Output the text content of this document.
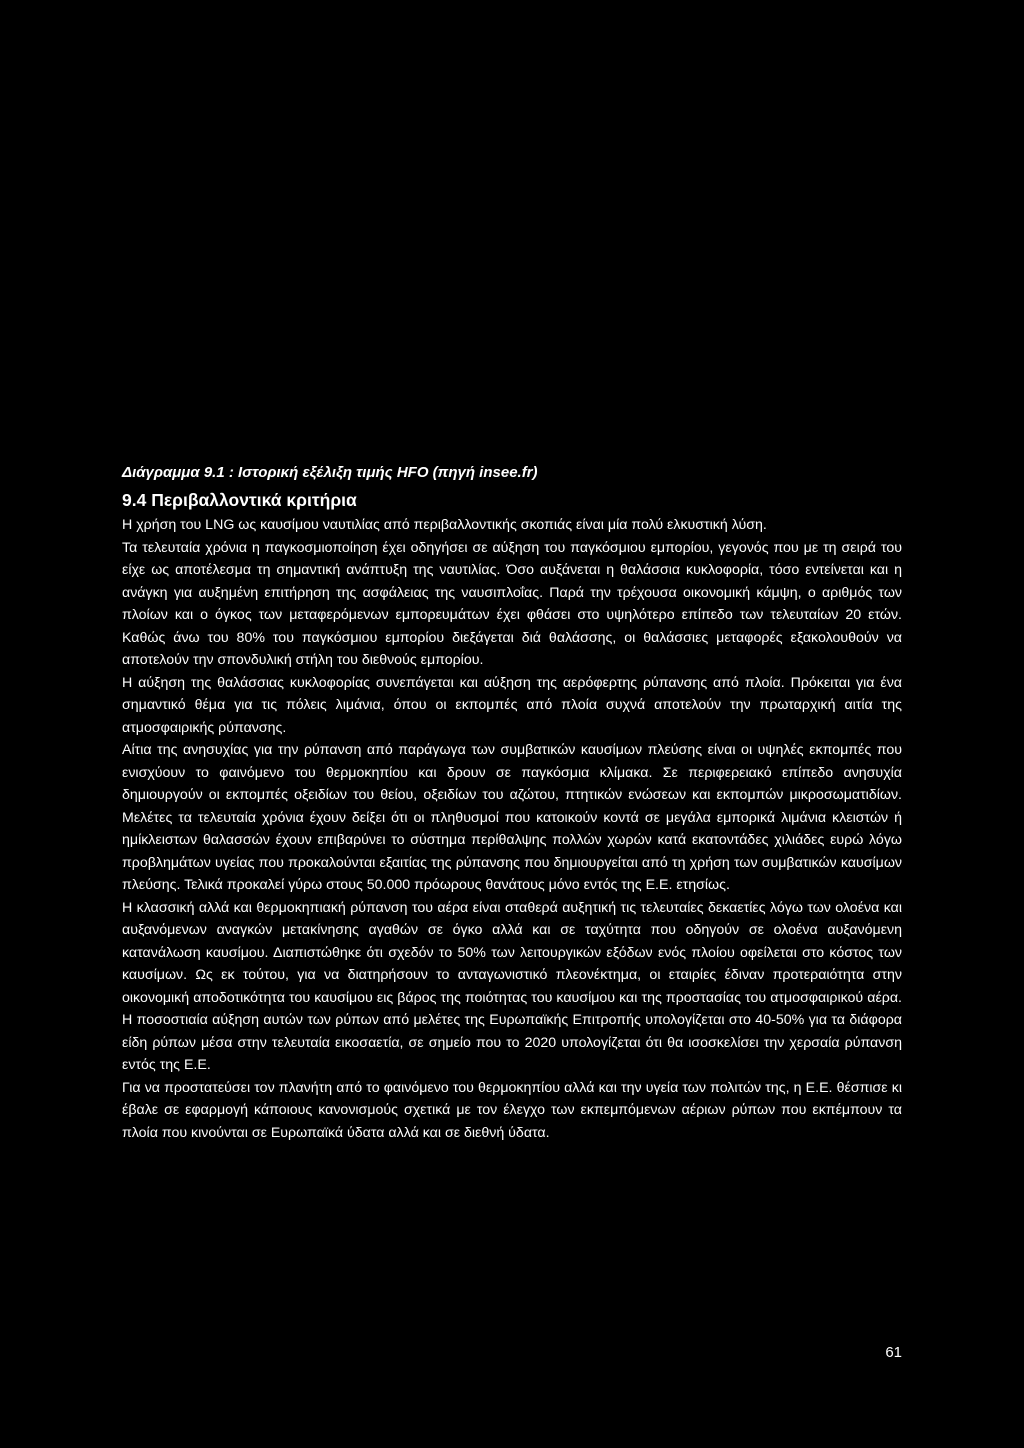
Διάγραμμα 9.1 : Ιστορική εξέλιξη τιμής HFO (πηγή insee.fr)

9.4 Περιβαλλοντικά κριτήρια

Η χρήση του LNG ως καυσίμου ναυτιλίας από περιβαλλοντικής σκοπιάς είναι μία πολύ ελκυστική λύση.

Τα τελευταία χρόνια η παγκοσμιοποίηση έχει οδηγήσει σε αύξηση του παγκόσμιου εμπορίου, γεγονός που με τη σειρά του είχε ως αποτέλεσμα τη σημαντική ανάπτυξη της ναυτιλίας. Όσο αυξάνεται η θαλάσσια κυκλοφορία, τόσο εντείνεται και η ανάγκη για αυξημένη επιτήρηση της ασφάλειας της ναυσιπλοΐας. Παρά την τρέχουσα οικονομική κάμψη, ο αριθμός των πλοίων και ο όγκος των μεταφερόμενων εμπορευμάτων έχει φθάσει στο υψηλότερο επίπεδο των τελευταίων 20 ετών. Καθώς άνω του 80% του παγκόσμιου εμπορίου διεξάγεται διά θαλάσσης, οι θαλάσσιες μεταφορές εξακολουθούν να αποτελούν την σπονδυλική στήλη του διεθνούς εμπορίου.

Η αύξηση της θαλάσσιας κυκλοφορίας συνεπάγεται και αύξηση της αερόφερτης ρύπανσης από πλοία. Πρόκειται για ένα σημαντικό θέμα για τις πόλεις λιμάνια, όπου οι εκπομπές από πλοία συχνά αποτελούν την πρωταρχική αιτία της ατμοσφαιρικής ρύπανσης.

Αίτια της ανησυχίας για την ρύπανση από παράγωγα των συμβατικών καυσίμων πλεύσης είναι οι υψηλές εκπομπές που ενισχύουν το φαινόμενο του θερμοκηπίου και δρουν σε παγκόσμια κλίμακα. Σε περιφερειακό επίπεδο ανησυχία δημιουργούν οι εκπομπές οξειδίων του θείου, οξειδίων του αζώτου, πτητικών ενώσεων και εκπομπών μικροσωματιδίων. Μελέτες τα τελευταία χρόνια έχουν δείξει ότι οι πληθυσμοί που κατοικούν κοντά σε μεγάλα εμπορικά λιμάνια κλειστών ή ημίκλειστων θαλασσών έχουν επιβαρύνει το σύστημα περίθαλψης πολλών χωρών κατά εκατοντάδες χιλιάδες ευρώ λόγω προβλημάτων υγείας που προκαλούνται εξαιτίας της ρύπανσης που δημιουργείται από τη χρήση των συμβατικών καυσίμων πλεύσης. Τελικά προκαλεί γύρω στους 50.000 πρόωρους θανάτους μόνο εντός της Ε.Ε. ετησίως.

Η κλασσική αλλά και θερμοκηπιακή ρύπανση του αέρα είναι σταθερά αυξητική τις τελευταίες δεκαετίες λόγω των ολοένα και αυξανόμενων αναγκών μετακίνησης αγαθών σε όγκο αλλά και σε ταχύτητα που οδηγούν σε ολοένα αυξανόμενη κατανάλωση καυσίμου. Διαπιστώθηκε ότι σχεδόν το 50% των λειτουργικών εξόδων ενός πλοίου οφείλεται στο κόστος των καυσίμων. Ως εκ τούτου, για να διατηρήσουν το ανταγωνιστικό πλεονέκτημα, οι εταιρίες έδιναν προτεραιότητα στην οικονομική αποδοτικότητα του καυσίμου εις βάρος της ποιότητας του καυσίμου και της προστασίας του ατμοσφαιρικού αέρα. Η ποσοστιαία αύξηση αυτών των ρύπων από μελέτες της Ευρωπαϊκής Επιτροπής υπολογίζεται στο 40-50% για τα διάφορα είδη ρύπων μέσα στην τελευταία εικοσαετία, σε σημείο που το 2020 υπολογίζεται ότι θα ισοσκελίσει την χερσαία ρύπανση εντός της Ε.Ε.

Για να προστατεύσει τον πλανήτη από το φαινόμενο του θερμοκηπίου αλλά και την υγεία των πολιτών της, η Ε.Ε. θέσπισε κι έβαλε σε εφαρμογή κάποιους κανονισμούς σχετικά με τον έλεγχο των εκπεμπόμενων αέριων ρύπων που εκπέμπουν τα πλοία που κινούνται σε Ευρωπαϊκά ύδατα αλλά και σε διεθνή ύδατα.

61
